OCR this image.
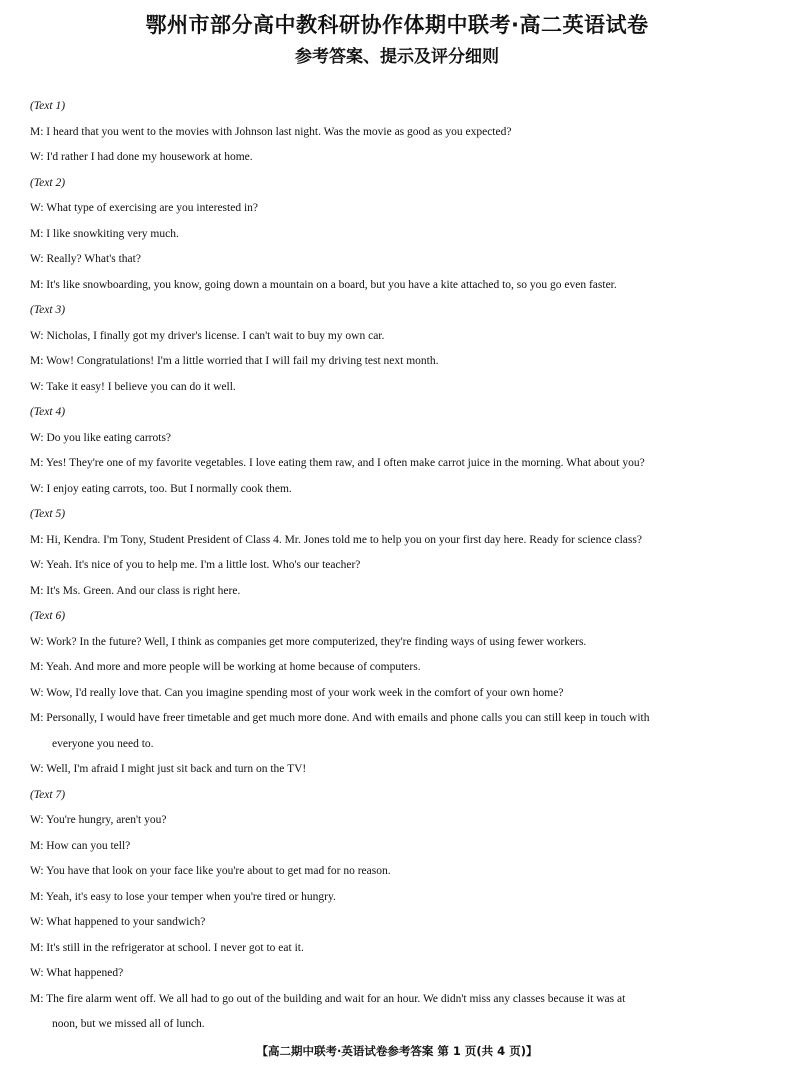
鄂州市部分高中教科研协作体期中联考·高二英语试卷
参考答案、提示及评分细则
(Text 1)
M: I heard that you went to the movies with Johnson last night. Was the movie as good as you expected?
W: I'd rather I had done my housework at home.
(Text 2)
W: What type of exercising are you interested in?
M: I like snowkiting very much.
W: Really? What's that?
M: It's like snowboarding, you know, going down a mountain on a board, but you have a kite attached to, so you go even faster.
(Text 3)
W: Nicholas, I finally got my driver's license. I can't wait to buy my own car.
M: Wow! Congratulations! I'm a little worried that I will fail my driving test next month.
W: Take it easy! I believe you can do it well.
(Text 4)
W: Do you like eating carrots?
M: Yes! They're one of my favorite vegetables. I love eating them raw, and I often make carrot juice in the morning. What about you?
W: I enjoy eating carrots, too. But I normally cook them.
(Text 5)
M: Hi, Kendra. I'm Tony, Student President of Class 4. Mr. Jones told me to help you on your first day here. Ready for science class?
W: Yeah. It's nice of you to help me. I'm a little lost. Who's our teacher?
M: It's Ms. Green. And our class is right here.
(Text 6)
W: Work? In the future? Well, I think as companies get more computerized, they're finding ways of using fewer workers.
M: Yeah. And more and more people will be working at home because of computers.
W: Wow, I'd really love that. Can you imagine spending most of your work week in the comfort of your own home?
M: Personally, I would have freer timetable and get much more done. And with emails and phone calls you can still keep in touch with
everyone you need to.
W: Well, I'm afraid I might just sit back and turn on the TV!
(Text 7)
W: You're hungry, aren't you?
M: How can you tell?
W: You have that look on your face like you're about to get mad for no reason.
M: Yeah, it's easy to lose your temper when you're tired or hungry.
W: What happened to your sandwich?
M: It's still in the refrigerator at school. I never got to eat it.
W: What happened?
M: The fire alarm went off. We all had to go out of the building and wait for an hour. We didn't miss any classes because it was at
noon, but we missed all of lunch.
【高二期中联考·英语试卷参考答案 第 1 页(共 4 页)】
